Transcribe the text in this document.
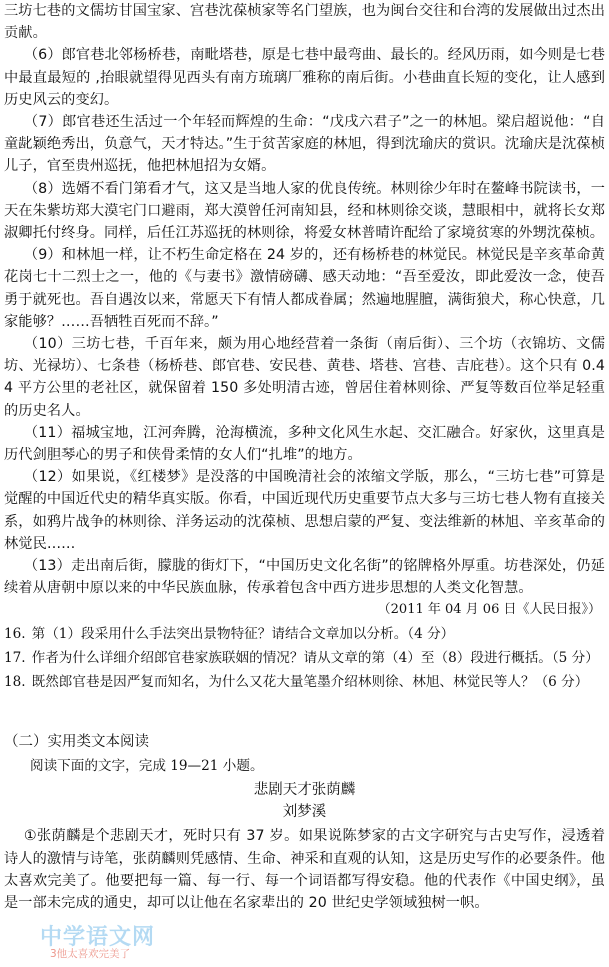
三坊七巷的文儒坊甘国宝家、宫巷沈葆桢家等名门望族，也为闽台交往和台湾的发展做出过杰出贡献。

（6）郎官巷北邻杨桥巷，南毗塔巷，原是七巷中最弯曲、最长的。经风历雨，如今则是七巷中最直最短的 ,抬眼就望得见西头有南方琉璃厂雅称的南后街。小巷曲直长短的变化，让人感到历史风云的变幻。

（7）郎官巷还生活过一个年轻而辉煌的生命：“戊戌六君子”之一的林旭。梁启超说他：“自童龀颖绝秀出，负意气，天才特达。”生于贫苦家庭的林旭，得到沈瑜庆的赏识。沈瑜庆是沈葆桢儿子，官至贵州巡抚，他把林旭招为女婿。

（8）选婿不看门第看才气，这又是当地人家的优良传统。林则徐少年时在鳌峰书院读书，一天在朱紫坊郑大漠宅门口避雨，郑大漠曾任河南知县，经和林则徐交谈，慧眼相中，就将长女郑淑卿托付终身。同样，后任江苏巡抚的林则徐，将爱女林普晴许配给了家境贫寒的外甥沈葆桢。

（9）和林旭一样，让不朽生命定格在 24 岁的，还有杨桥巷的林觉民。林觉民是辛亥革命黄花岗七十二烈士之一，他的《与妻书》激情磅礴、感天动地：“吾至爱汝，即此爱汝一念，使吾勇于就死也。吾自遇汝以来，常愿天下有情人都成眷属；然遍地腥膻，满街狼犬，称心快意，几家能够？……吾牺牲百死而不辞。”

（10）三坊七巷，千百年来，颇为用心地经营着一条街（南后街）、三个坊（衣锦坊、文儒坊、光禄坊）、七条巷（杨桥巷、郎官巷、安民巷、黄巷、塔巷、宫巷、吉庇巷）。这个只有 0.44 平方公里的老社区，就保留着 150 多处明清古迹，曾居住着林则徐、严复等数百位举足轻重的历史名人。

（11）福城宝地，江河奔腾，沧海横流，多种文化风生水起、交汇融合。好家伙，这里真是历代剑胆琴心的男子和侠骨柔情的女人们“扎堆”的地方。

（12）如果说，《红楼梦》是没落的中国晚清社会的浓缩文学版，那么，“三坊七巷”可算是觉醒的中国近代史的精华真实版。你看，中国近现代历史重要节点大多与三坊七巷人物有直接关系，如鸦片战争的林则徐、洋务运动的沈葆桢、思想启蒙的严复、变法维新的林旭、辛亥革命的林觉民……

（13）走出南后街，朦胧的街灯下，“中国历史文化名街”的铭牌格外厚重。坊巷深处，仍延续着从唐朝中原以来的中华民族血脉，传承着包含中西方进步思想的人类文化智慧。

（2011 年 04 月 06 日《人民日报》）

16. 第（1）段采用什么手法突出景物特征？请结合文章加以分析。（4 分）

17. 作者为什么详细介绍郎官巷家族联姻的情况？请从文章的第（4）至（8）段进行概括。（5 分）

18. 既然郎官巷是因严复而知名，为什么又花大量笔墨介绍林则徐、林旭、林觉民等人？（6 分）

（二）实用类文本阅读

阅读下面的文字，完成 19—21 小题。

悲剧天才张荫麟

刘梦溪

①张荫麟是个悲剧天才，死时只有 37 岁。如果说陈梦家的古文字研究与古史写作，浸透着诗人的激情与诗笔，张荫麟则凭感情、生命、神采和直观的认知，这是历史写作的必要条件。他太喜欢完美了。他要把每一篇、每一行、每一个词语都写得安稳。他的代表作《中国史纲》，虽是一部未完成的通史，却可以让他在名家辈出的 20 世纪史学领域独树一帜。

中学语文网
3他太喜欢完美了
